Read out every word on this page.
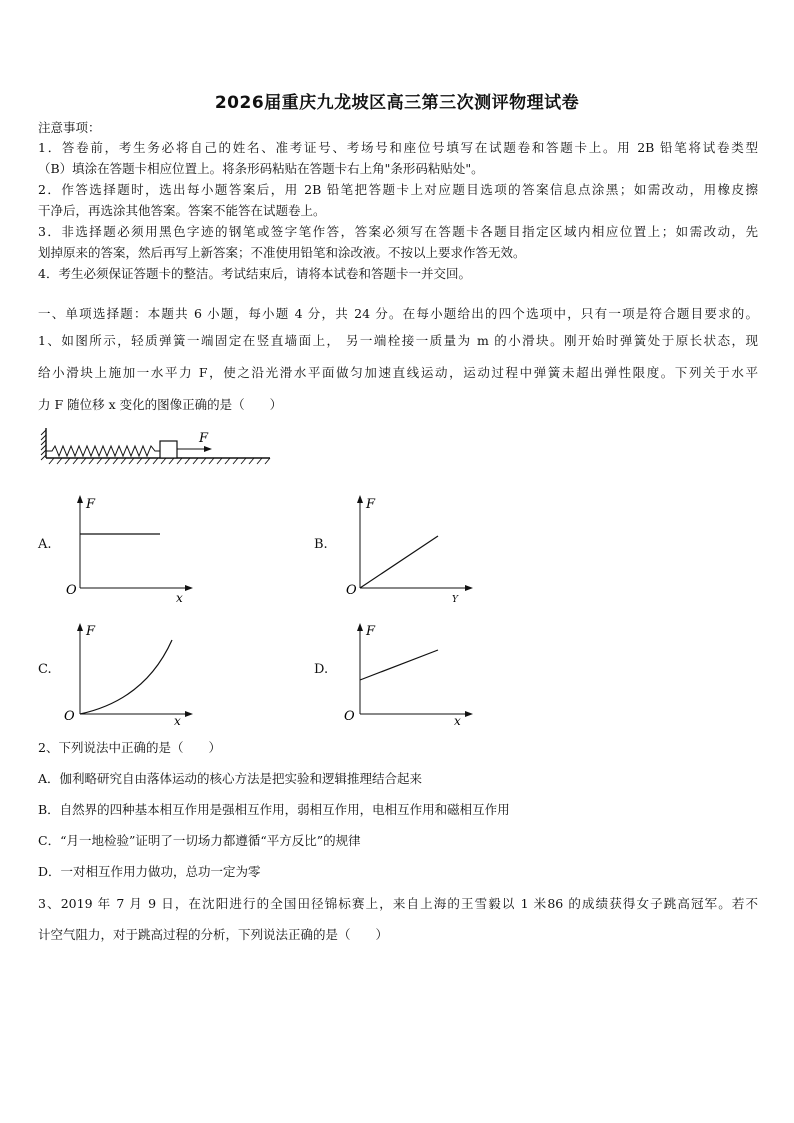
2026届重庆九龙坡区高三第三次测评物理试卷
注意事项：
1．答卷前，考生务必将自己的姓名、准考证号、考场号和座位号填写在试题卷和答题卡上。用 2B 铅笔将试卷类型
（B）填涂在答题卡相应位置上。将条形码粘贴在答题卡右上角"条形码粘贴处"。
2．作答选择题时，选出每小题答案后，用 2B 铅笔把答题卡上对应题目选项的答案信息点涂黑；如需改动，用橡皮擦
干净后，再选涂其他答案。答案不能答在试题卷上。
3．非选择题必须用黑色字迹的钢笔或签字笔作答，答案必须写在答题卡各题目指定区域内相应位置上；如需改动，先
划掉原来的答案，然后再写上新答案；不准使用铅笔和涂改液。不按以上要求作答无效。
4．考生必须保证答题卡的整洁。考试结束后，请将本试卷和答题卡一并交回。
一、单项选择题：本题共 6 小题，每小题 4 分，共 24 分。在每小题给出的四个选项中，只有一项是符合题目要求的。
1、如图所示，轻质弹簧一端固定在竖直墙面上， 另一端栓接一质量为 m 的小滑块。刚开始时弹簧处于原长状态，现
给小滑块上施加一水平力 F，使之沿光滑水平面做匀加速直线运动，运动过程中弹簧未超出弹性限度。下列关于水平
力 F 随位移 x 变化的图像正确的是（　　）
F
A.
F
x
O
B.
F
Y
O
C.
F
x
O
D.
F
x
O
2、下列说法中正确的是（　　）
A．伽利略研究自由落体运动的核心方法是把实验和逻辑推理结合起来
B．自然界的四种基本相互作用是强相互作用，弱相互作用，电相互作用和磁相互作用
C．“月一地检验”证明了一切场力都遵循“平方反比”的规律
D．一对相互作用力做功，总功一定为零
3、2019 年 7 月 9 日，在沈阳进行的全国田径锦标赛上，来自上海的王雪毅以 1 米86 的成绩获得女子跳高冠军。若不
计空气阻力，对于跳高过程的分析，下列说法正确的是（　　）
